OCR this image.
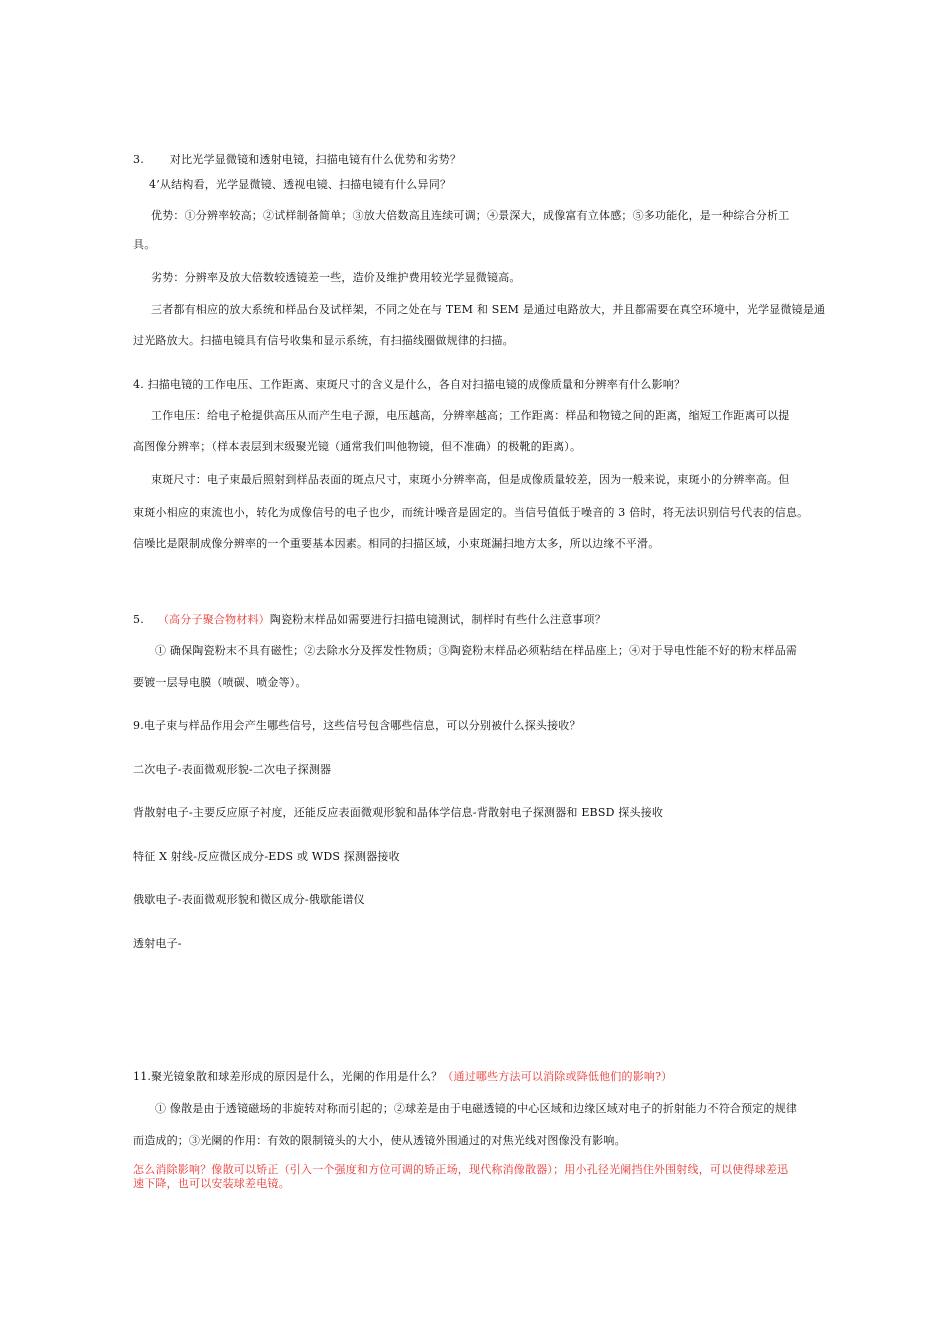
3. 对比光学显微镜和透射电镜，扫描电镜有什么优势和劣势？
4’从结构看，光学显微镜、透视电镜、扫描电镜有什么异同？
优势：①分辨率较高；②试样制备简单；③放大倍数高且连续可调；④景深大，成像富有立体感；⑤多功能化，是一种综合分析工
具。
劣势：分辨率及放大倍数较透镜差一些，造价及维护费用较光学显微镜高。
三者都有相应的放大系统和样品台及试样架，不同之处在与 TEM 和 SEM 是通过电路放大，并且都需要在真空环境中，光学显微镜是通
过光路放大。扫描电镜具有信号收集和显示系统，有扫描线圈做规律的扫描。
4. 扫描电镜的工作电压、工作距离、束斑尺寸的含义是什么，各自对扫描电镜的成像质量和分辨率有什么影响？
工作电压：给电子枪提供高压从而产生电子源，电压越高，分辨率越高；工作距离：样品和物镜之间的距离，缩短工作距离可以提
高图像分辨率；（样本表层到末级聚光镜（通常我们叫他物镜，但不准确）的极靴的距离）。
束斑尺寸：电子束最后照射到样品表面的斑点尺寸，束斑小分辨率高，但是成像质量较差，因为一般来说，束斑小的分辨率高。但
束斑小相应的束流也小，转化为成像信号的电子也少，而统计噪音是固定的。当信号值低于噪音的 3 倍时，将无法识别信号代表的信息。
信噪比是限制成像分辨率的一个重要基本因素。相同的扫描区域，小束斑漏扫地方太多，所以边缘不平滑。
5. （高分子聚合物材料）陶瓷粉末样品如需要进行扫描电镜测试，制样时有些什么注意事项？
① 确保陶瓷粉末不具有磁性；②去除水分及挥发性物质；③陶瓷粉末样品必须粘结在样品座上；④对于导电性能不好的粉末样品需
要镀一层导电膜（喷碳、喷金等）。
9.电子束与样品作用会产生哪些信号，这些信号包含哪些信息，可以分别被什么探头接收？
二次电子-表面微观形貌-二次电子探测器
背散射电子-主要反应原子衬度，还能反应表面微观形貌和晶体学信息-背散射电子探测器和 EBSD 探头接收
特征 X 射线-反应微区成分-EDS 或 WDS 探测器接收
俄歇电子-表面微观形貌和微区成分-俄歇能谱仪
透射电子-
11.聚光镜象散和球差形成的原因是什么，光阑的作用是什么？（通过哪些方法可以消除或降低他们的影响?）
① 像散是由于透镜磁场的非旋转对称而引起的；②球差是由于电磁透镜的中心区域和边缘区域对电子的折射能力不符合预定的规律
而造成的；③光阑的作用：有效的限制镜头的大小，使从透镜外围通过的对焦光线对图像没有影响。
怎么消除影响？像散可以矫正（引入一个强度和方位可调的矫正场，现代称消像散器）；用小孔径光阑挡住外围射线，可以使得球差迅
速下降，也可以安装球差电镜。
